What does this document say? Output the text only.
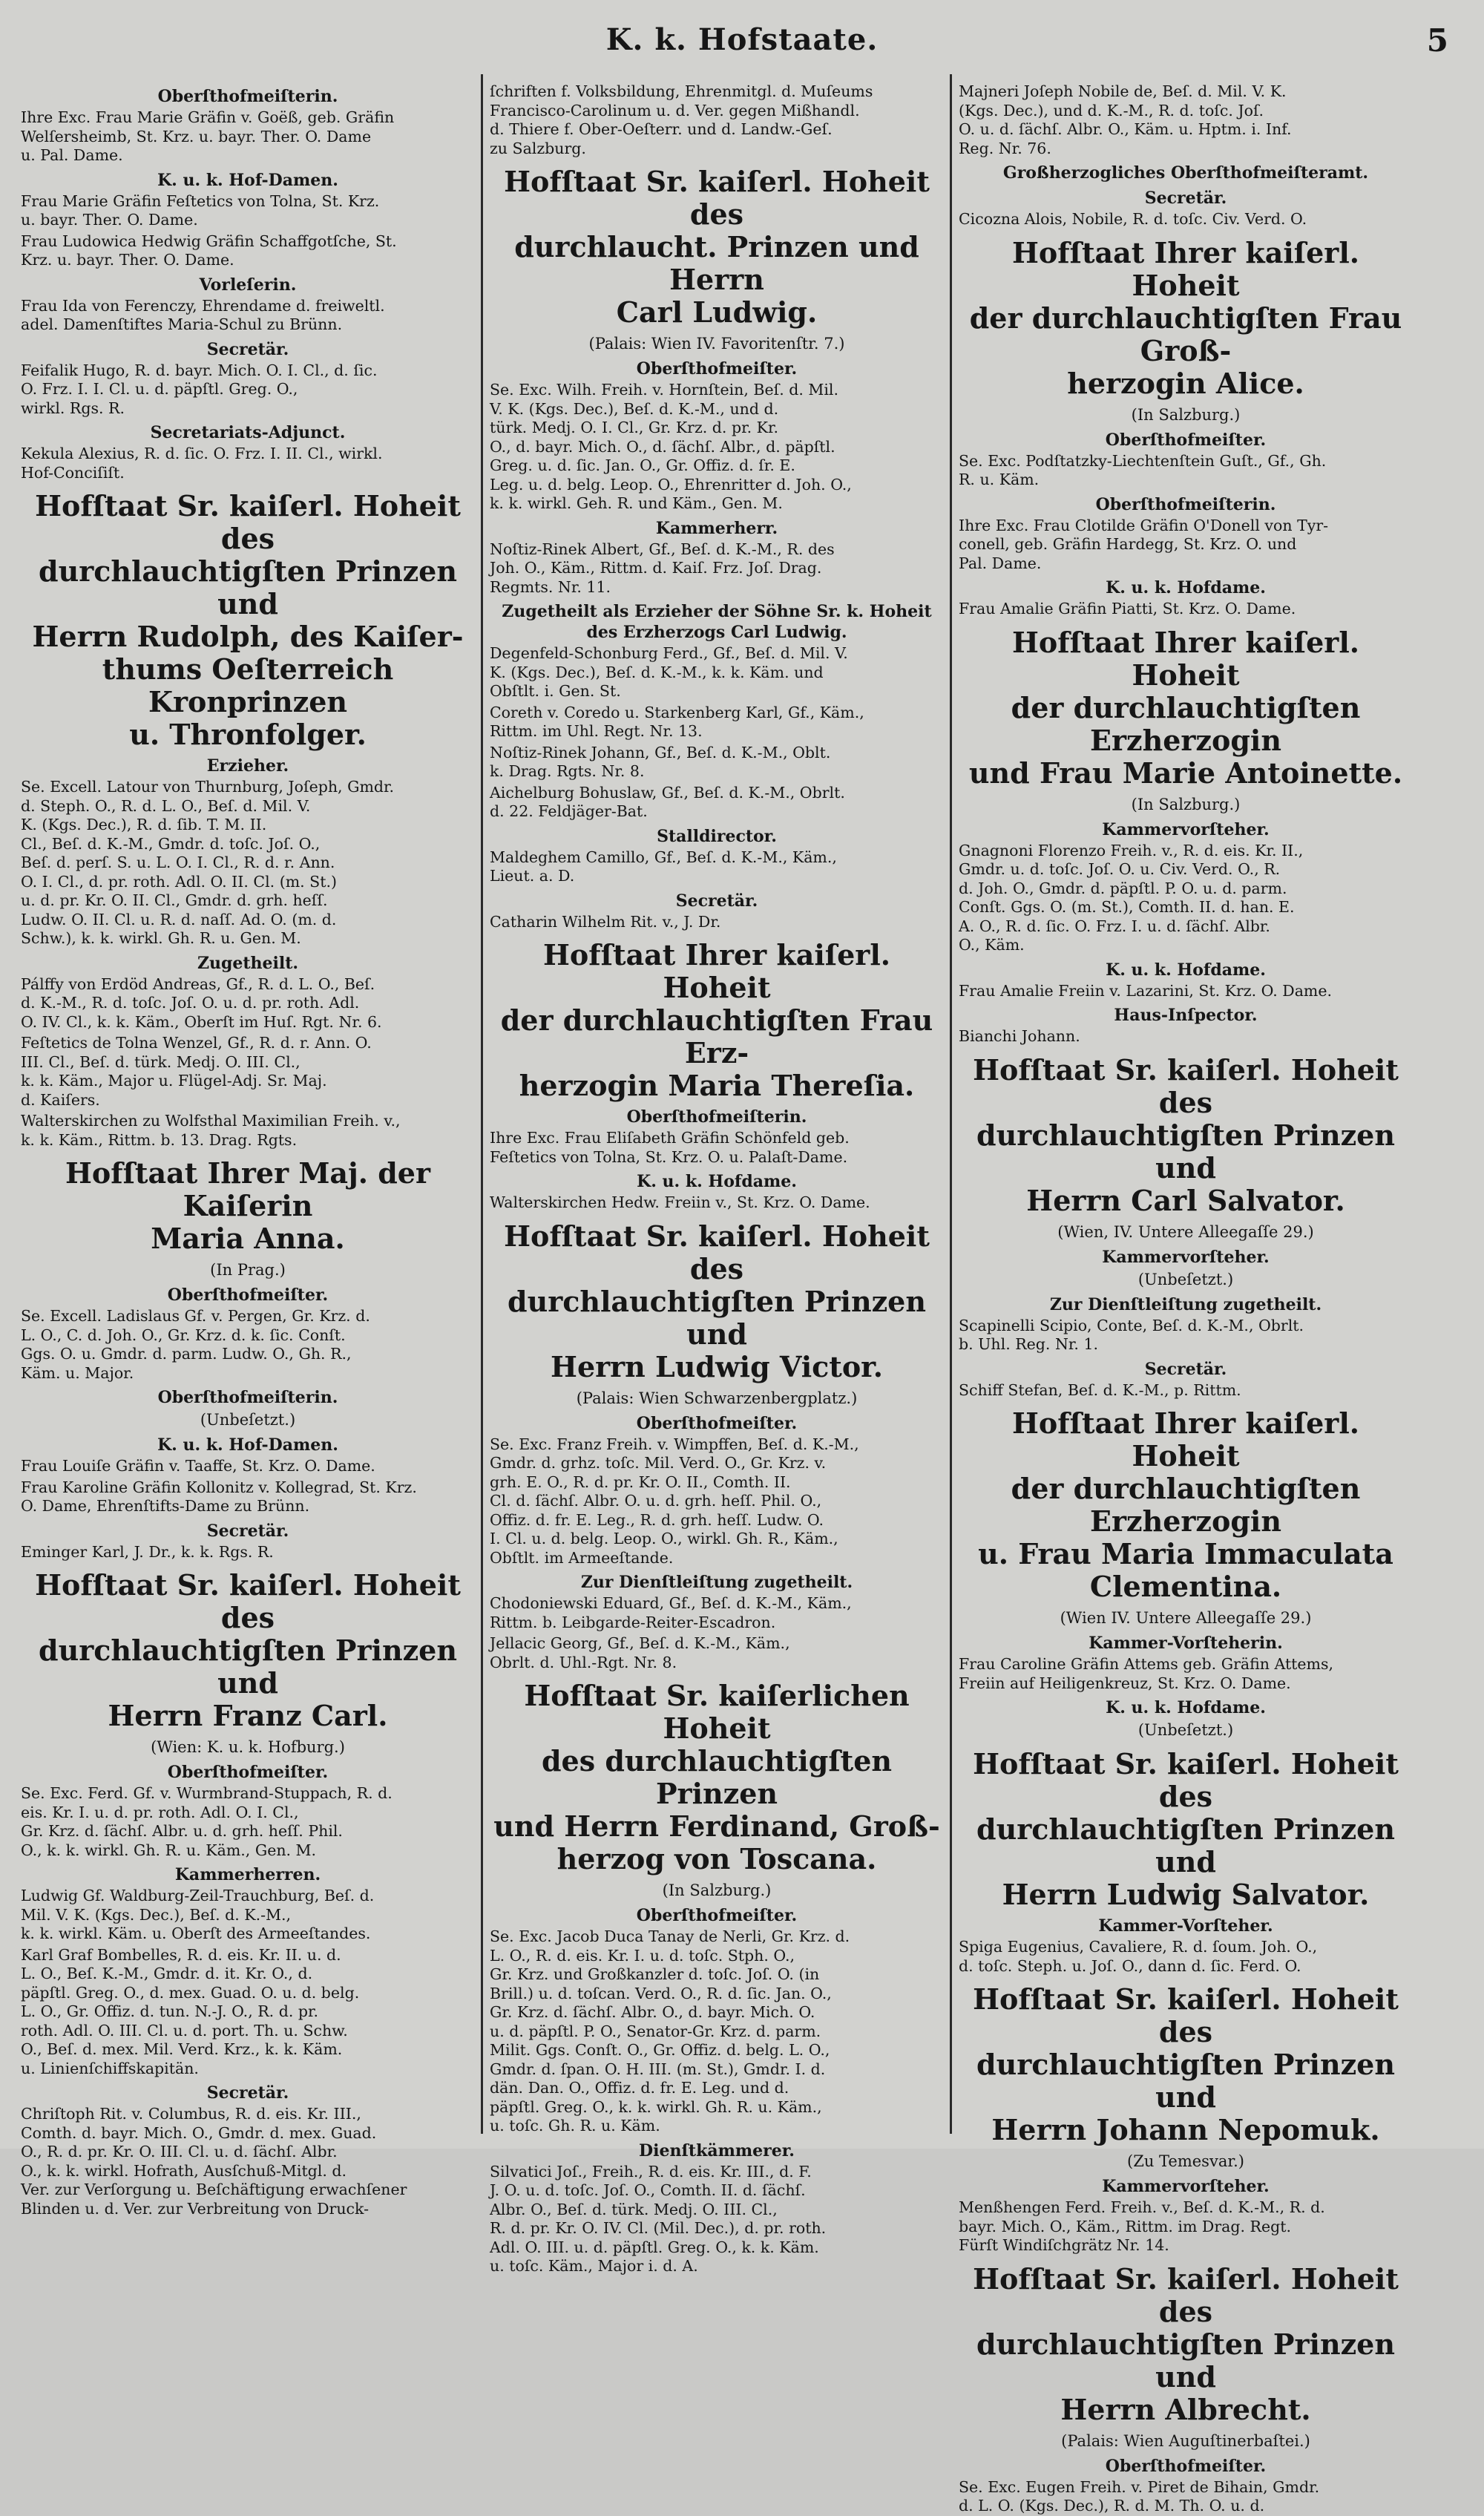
K. k. Hofstaate.	5
Oberſthofmeiſterin.
Ihre Exc. Frau Marie Gräfin v. Goëß, geb. Gräfin
Welſersheimb, St. Krz. u. bayr. Ther. O. Dame
u. Pal. Dame.
K. u. k. Hof-Damen.
Frau Marie Gräfin Feſtetics von Tolna, St. Krz.
u. bayr. Ther. O. Dame.
Frau Ludowica Hedwig Gräfin Schaffgotſche, St.
Krz. u. bayr. Ther. O. Dame.
Vorleſerin.
Frau Ida von Ferenczy, Ehrendame d. freiweltl.
adel. Damenſtiftes Maria-Schul zu Brünn.
Secretär.
Feifalik Hugo, R. d. bayr. Mich. O. I. Cl., d. ſic.
O. Frz. I. I. Cl. u. d. päpſtl. Greg. O.,
wirkl. Rgs. R.
Secretariats-Adjunct.
Kekula Alexius, R. d. ſic. O. Frz. I. II. Cl., wirkl.
Hof-Conciſiſt.
Hofſtaat Sr. kaiſerl. Hoheit des
durchlauchtigſten Prinzen und
Herrn Rudolph, des Kaiſer-
thums Oeſterreich Kronprinzen
u. Thronfolger.
Erzieher.
Se. Excell. Latour von Thurnburg, Joſeph, Gmdr.
d. Steph. O., R. d. L. O., Beſ. d. Mil. V.
K. (Kgs. Dec.), R. d. ſib. T. M. II.
Cl., Beſ. d. K.-M., Gmdr. d. toſc. Joſ. O.,
Beſ. d. perſ. S. u. L. O. I. Cl., R. d. r. Ann.
O. I. Cl., d. pr. roth. Adl. O. II. Cl. (m. St.)
u. d. pr. Kr. O. II. Cl., Gmdr. d. grh. heſſ.
Ludw. O. II. Cl. u. R. d. naſſ. Ad. O. (m. d.
Schw.), k. k. wirkl. Gh. R. u. Gen. M.
Zugetheilt.
Pálffy von Erdöd Andreas, Gf., R. d. L. O., Beſ.
d. K.-M., R. d. toſc. Joſ. O. u. d. pr. roth. Adl.
O. IV. Cl., k. k. Käm., Oberſt im Huſ. Rgt. Nr. 6.
Feſtetics de Tolna Wenzel, Gf., R. d. r. Ann. O.
III. Cl., Beſ. d. türk. Medj. O. III. Cl.,
k. k. Käm., Major u. Flügel-Adj. Sr. Maj.
d. Kaiſers.
Walterskirchen zu Wolfsthal Maximilian Freih. v.,
k. k. Käm., Rittm. b. 13. Drag. Rgts.
Hofſtaat Ihrer Maj. der Kaiſerin
Maria Anna.
(In Prag.)
Oberſthofmeiſter.
Se. Excell. Ladislaus Gf. v. Pergen, Gr. Krz. d.
L. O., C. d. Joh. O., Gr. Krz. d. k. ſic. Conſt.
Ggs. O. u. Gmdr. d. parm. Ludw. O., Gh. R.,
Käm. u. Major.
Oberſthofmeiſterin.
(Unbeſetzt.)
K. u. k. Hof-Damen.
Frau Louiſe Gräfin v. Taaffe, St. Krz. O. Dame.
Frau Karoline Gräfin Kollonitz v. Kollegrad, St. Krz.
O. Dame, Ehrenſtifts-Dame zu Brünn.
Secretär.
Eminger Karl, J. Dr., k. k. Rgs. R.
Hofſtaat Sr. kaiſerl. Hoheit des
durchlauchtigſten Prinzen und
Herrn Franz Carl.
(Wien: K. u. k. Hofburg.)
Oberſthofmeiſter.
Se. Exc. Ferd. Gf. v. Wurmbrand-Stuppach, R. d.
eis. Kr. I. u. d. pr. roth. Adl. O. I. Cl.,
Gr. Krz. d. ſächſ. Albr. u. d. grh. heſſ. Phil.
O., k. k. wirkl. Gh. R. u. Käm., Gen. M.
Kammerherren.
Ludwig Gf. Waldburg-Zeil-Trauchburg, Beſ. d.
Mil. V. K. (Kgs. Dec.), Beſ. d. K.-M.,
k. k. wirkl. Käm. u. Oberſt des Armeeſtandes.
Karl Graf Bombelles, R. d. eis. Kr. II. u. d.
L. O., Beſ. K.-M., Gmdr. d. it. Kr. O., d.
päpſtl. Greg. O., d. mex. Guad. O. u. d. belg.
L. O., Gr. Offiz. d. tun. N.-J. O., R. d. pr.
roth. Adl. O. III. Cl. u. d. port. Th. u. Schw.
O., Beſ. d. mex. Mil. Verd. Krz., k. k. Käm.
u. Linienſchiffskapitän.
Secretär.
Chriſtoph Rit. v. Columbus, R. d. eis. Kr. III.,
Comth. d. bayr. Mich. O., Gmdr. d. mex. Guad.
O., R. d. pr. Kr. O. III. Cl. u. d. ſächſ. Albr.
O., k. k. wirkl. Hofrath, Ausſchuß-Mitgl. d.
Ver. zur Verſorgung u. Beſchäftigung erwachſener
Blinden u. d. Ver. zur Verbreitung von Druck-
ſchriften f. Volksbildung, Ehrenmitgl. d. Muſeums
Francisco-Carolinum u. d. Ver. gegen Mißhandl.
d. Thiere f. Ober-Oeſterr. und d. Landw.-Geſ.
zu Salzburg.
Hofſtaat Sr. kaiſerl. Hoheit des
durchlaucht. Prinzen und Herrn
Carl Ludwig.
(Palais: Wien IV. Favoritenſtr. 7.)
Oberſthofmeiſter.
Se. Exc. Wilh. Freih. v. Hornſtein, Beſ. d. Mil.
V. K. (Kgs. Dec.), Beſ. d. K.-M., und d.
türk. Medj. O. I. Cl., Gr. Krz. d. pr. Kr.
O., d. bayr. Mich. O., d. ſächſ. Albr., d. päpſtl.
Greg. u. d. ſic. Jan. O., Gr. Offiz. d. ſr. E.
Leg. u. d. belg. Leop. O., Ehrenritter d. Joh. O.,
k. k. wirkl. Geh. R. und Käm., Gen. M.
Kammerherr.
Noſtiz-Rinek Albert, Gf., Beſ. d. K.-M., R. des
Joh. O., Käm., Rittm. d. Kaiſ. Frz. Joſ. Drag.
Regmts. Nr. 11.
Zugetheilt als Erzieher der Söhne Sr. k. Hoheit des Erzherzogs Carl Ludwig.
Degenfeld-Schonburg Ferd., Gf., Beſ. d. Mil. V.
K. (Kgs. Dec.), Beſ. d. K.-M., k. k. Käm. und
Obſtlt. i. Gen. St.
Coreth v. Coredo u. Starkenberg Karl, Gf., Käm.,
Rittm. im Uhl. Regt. Nr. 13.
Noſtiz-Rinek Johann, Gf., Beſ. d. K.-M., Oblt.
k. Drag. Rgts. Nr. 8.
Aichelburg Bohuslaw, Gf., Beſ. d. K.-M., Obrlt.
d. 22. Feldjäger-Bat.
Stalldirector.
Maldeghem Camillo, Gf., Beſ. d. K.-M., Käm.,
Lieut. a. D.
Secretär.
Catharin Wilhelm Rit. v., J. Dr.
Hofſtaat Ihrer kaiſerl. Hoheit
der durchlauchtigſten Frau Erz-
herzogin Maria Thereſia.
Oberſthofmeiſterin.
Ihre Exc. Frau Eliſabeth Gräfin Schönfeld geb.
Feſtetics von Tolna, St. Krz. O. u. Palaſt-Dame.
K. u. k. Hofdame.
Walterskirchen Hedw. Freiin v., St. Krz. O. Dame.
Hofſtaat Sr. kaiſerl. Hoheit des
durchlauchtigſten Prinzen und
Herrn Ludwig Victor.
(Palais: Wien Schwarzenbergplatz.)
Oberſthofmeiſter.
Se. Exc. Franz Freih. v. Wimpffen, Beſ. d. K.-M.,
Gmdr. d. grhz. toſc. Mil. Verd. O., Gr. Krz. v.
grh. E. O., R. d. pr. Kr. O. II., Comth. II.
Cl. d. ſächſ. Albr. O. u. d. grh. heſſ. Phil. O.,
Offiz. d. fr. E. Leg., R. d. grh. heſſ. Ludw. O.
I. Cl. u. d. belg. Leop. O., wirkl. Gh. R., Käm.,
Obſtlt. im Armeeſtande.
Zur Dienſtleiſtung zugetheilt.
Chodoniewski Eduard, Gf., Beſ. d. K.-M., Käm.,
Rittm. b. Leibgarde-Reiter-Escadron.
Jellacic Georg, Gf., Beſ. d. K.-M., Käm.,
Obrlt. d. Uhl.-Rgt. Nr. 8.
Hofſtaat Sr. kaiſerlichen Hoheit
des durchlauchtigſten Prinzen
und Herrn Ferdinand, Groß-
herzog von Toscana.
(In Salzburg.)
Oberſthofmeiſter.
Se. Exc. Jacob Duca Tanay de Nerli, Gr. Krz. d.
L. O., R. d. eis. Kr. I. u. d. toſc. Stph. O.,
Gr. Krz. und Großkanzler d. toſc. Joſ. O. (in
Brill.) u. d. toſcan. Verd. O., R. d. ſic. Jan. O.,
Gr. Krz. d. ſächſ. Albr. O., d. bayr. Mich. O.
u. d. päpſtl. P. O., Senator-Gr. Krz. d. parm.
Milit. Ggs. Conſt. O., Gr. Offiz. d. belg. L. O.,
Gmdr. d. ſpan. O. H. III. (m. St.), Gmdr. I. d.
dän. Dan. O., Offiz. d. fr. E. Leg. und d.
päpſtl. Greg. O., k. k. wirkl. Gh. R. u. Käm.,
u. toſc. Gh. R. u. Käm.
Dienſtkämmerer.
Silvatici Joſ., Freih., R. d. eis. Kr. III., d. F.
J. O. u. d. toſc. Joſ. O., Comth. II. d. ſächſ.
Albr. O., Beſ. d. türk. Medj. O. III. Cl.,
R. d. pr. Kr. O. IV. Cl. (Mil. Dec.), d. pr. roth.
Adl. O. III. u. d. päpſtl. Greg. O., k. k. Käm.
u. toſc. Käm., Major i. d. A.
Majneri Joſeph Nobile de, Beſ. d. Mil. V. K.
(Kgs. Dec.), und d. K.-M., R. d. toſc. Joſ.
O. u. d. ſächſ. Albr. O., Käm. u. Hptm. i. Inf.
Reg. Nr. 76.
Großherzogliches Oberſthofmeiſteramt.
Secretär.
Cicozna Alois, Nobile, R. d. toſc. Civ. Verd. O.
Hofſtaat Ihrer kaiſerl. Hoheit
der durchlauchtigſten Frau Groß-
herzogin Alice.
(In Salzburg.)
Oberſthofmeiſter.
Se. Exc. Podſtatzky-Liechtenſtein Guſt., Gf., Gh.
R. u. Käm.
Oberſthofmeiſterin.
Ihre Exc. Frau Clotilde Gräfin O'Donell von Tyr-
conell, geb. Gräfin Hardegg, St. Krz. O. und
Pal. Dame.
K. u. k. Hofdame.
Frau Amalie Gräfin Piatti, St. Krz. O. Dame.
Hofſtaat Ihrer kaiſerl. Hoheit
der durchlauchtigſten Erzherzogin
und Frau Marie Antoinette.
(In Salzburg.)
Kammervorſteher.
Gnagnoni Florenzo Freih. v., R. d. eis. Kr. II.,
Gmdr. u. d. toſc. Joſ. O. u. Civ. Verd. O., R.
d. Joh. O., Gmdr. d. päpſtl. P. O. u. d. parm.
Conſt. Ggs. O. (m. St.), Comth. II. d. han. E.
A. O., R. d. ſic. O. Frz. I. u. d. ſächſ. Albr.
O., Käm.
K. u. k. Hofdame.
Frau Amalie Freiin v. Lazarini, St. Krz. O. Dame.
Haus-Inſpector.
Bianchi Johann.
Hofſtaat Sr. kaiſerl. Hoheit des
durchlauchtigſten Prinzen und
Herrn Carl Salvator.
(Wien, IV. Untere Alleegaſſe 29.)
Kammervorſteher.
(Unbeſetzt.)
Zur Dienſtleiſtung zugetheilt.
Scapinelli Scipio, Conte, Beſ. d. K.-M., Obrlt.
b. Uhl. Reg. Nr. 1.
Secretär.
Schiff Stefan, Beſ. d. K.-M., p. Rittm.
Hofſtaat Ihrer kaiſerl. Hoheit
der durchlauchtigſten Erzherzogin
u. Frau Maria Immaculata
Clementina.
(Wien IV. Untere Alleegaſſe 29.)
Kammer-Vorſteherin.
Frau Caroline Gräfin Attems geb. Gräfin Attems,
Freiin auf Heiligenkreuz, St. Krz. O. Dame.
K. u. k. Hofdame.
(Unbeſetzt.)
Hofſtaat Sr. kaiſerl. Hoheit des
durchlauchtigſten Prinzen und
Herrn Ludwig Salvator.
Kammer-Vorſteher.
Spiga Eugenius, Cavaliere, R. d. ſoum. Joh. O.,
d. toſc. Steph. u. Joſ. O., dann d. ſic. Ferd. O.
Hofſtaat Sr. kaiſerl. Hoheit des
durchlauchtigſten Prinzen und
Herrn Johann Nepomuk.
(Zu Temesvar.)
Kammervorſteher.
Menßhengen Ferd. Freih. v., Beſ. d. K.-M., R. d.
bayr. Mich. O., Käm., Rittm. im Drag. Regt.
Fürſt Windiſchgrätz Nr. 14.
Hofſtaat Sr. kaiſerl. Hoheit des
durchlauchtigſten Prinzen und
Herrn Albrecht.
(Palais: Wien Auguſtinerbaſtei.)
Oberſthofmeiſter.
Se. Exc. Eugen Freih. v. Piret de Bihain, Gmdr.
d. L. O. (Kgs. Dec.), R. d. M. Th. O. u. d.
